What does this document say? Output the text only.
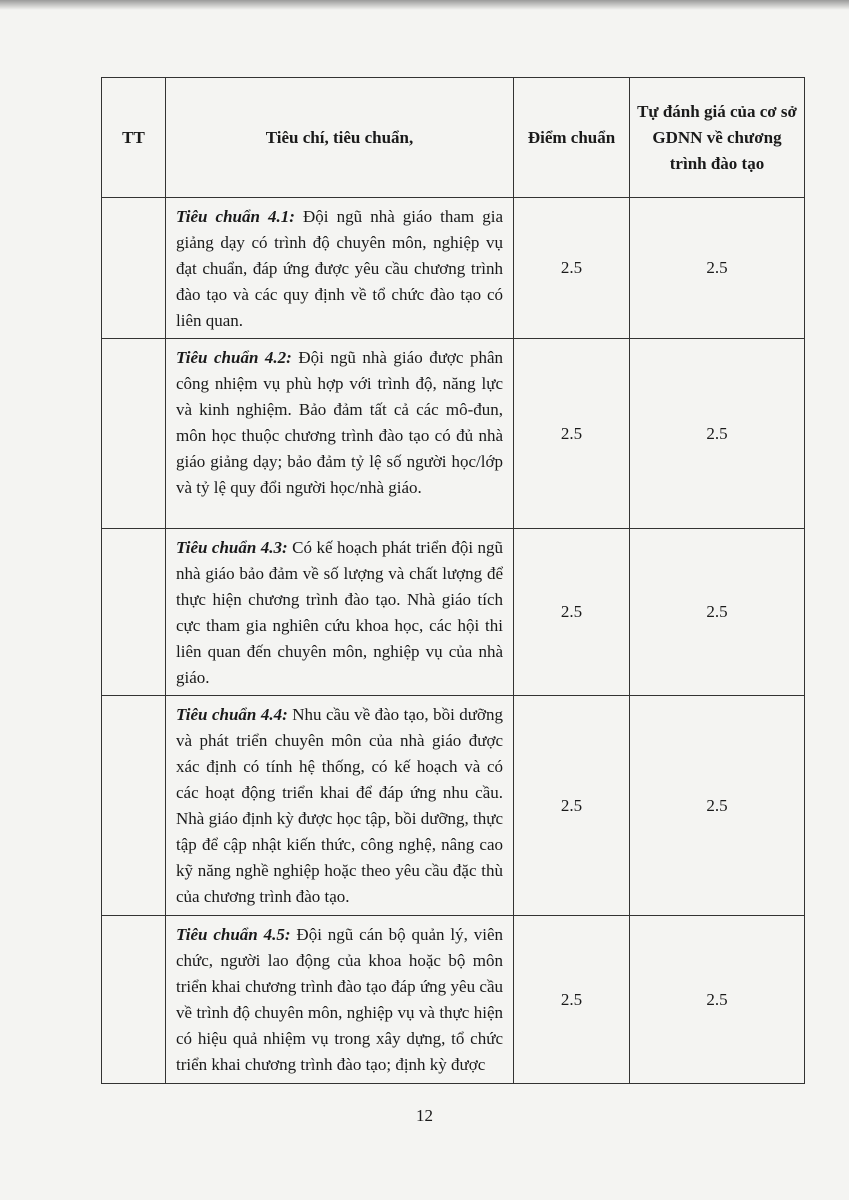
TT	Tiêu chí, tiêu chuẩn,	Điểm chuẩn	Tự đánh giá của cơ sở GDNN về chương trình đào tạo
	Tiêu chuẩn 4.1: Đội ngũ nhà giáo tham gia giảng dạy có trình độ chuyên môn, nghiệp vụ đạt chuẩn, đáp ứng được yêu cầu chương trình đào tạo và các quy định về tổ chức đào tạo có liên quan.	2.5	2.5
	Tiêu chuẩn 4.2: Đội ngũ nhà giáo được phân công nhiệm vụ phù hợp với trình độ, năng lực và kinh nghiệm. Bảo đảm tất cả các mô-đun, môn học thuộc chương trình đào tạo có đủ nhà giáo giảng dạy; bảo đảm tỷ lệ số người học/lớp và tỷ lệ quy đổi người học/nhà giáo.	2.5	2.5
	Tiêu chuẩn 4.3: Có kế hoạch phát triển đội ngũ nhà giáo bảo đảm về số lượng và chất lượng để thực hiện chương trình đào tạo. Nhà giáo tích cực tham gia nghiên cứu khoa học, các hội thi liên quan đến chuyên môn, nghiệp vụ của nhà giáo.	2.5	2.5
	Tiêu chuẩn 4.4: Nhu cầu về đào tạo, bồi dưỡng và phát triển chuyên môn của nhà giáo được xác định có tính hệ thống, có kế hoạch và có các hoạt động triển khai để đáp ứng nhu cầu. Nhà giáo định kỳ được học tập, bồi dưỡng, thực tập để cập nhật kiến thức, công nghệ, nâng cao kỹ năng nghề nghiệp hoặc theo yêu cầu đặc thù của chương trình đào tạo.	2.5	2.5
	Tiêu chuẩn 4.5: Đội ngũ cán bộ quản lý, viên chức, người lao động của khoa hoặc bộ môn triển khai chương trình đào tạo đáp ứng yêu cầu về trình độ chuyên môn, nghiệp vụ và thực hiện có hiệu quả nhiệm vụ trong xây dựng, tổ chức triển khai chương trình đào tạo; định kỳ được	2.5	2.5
12
